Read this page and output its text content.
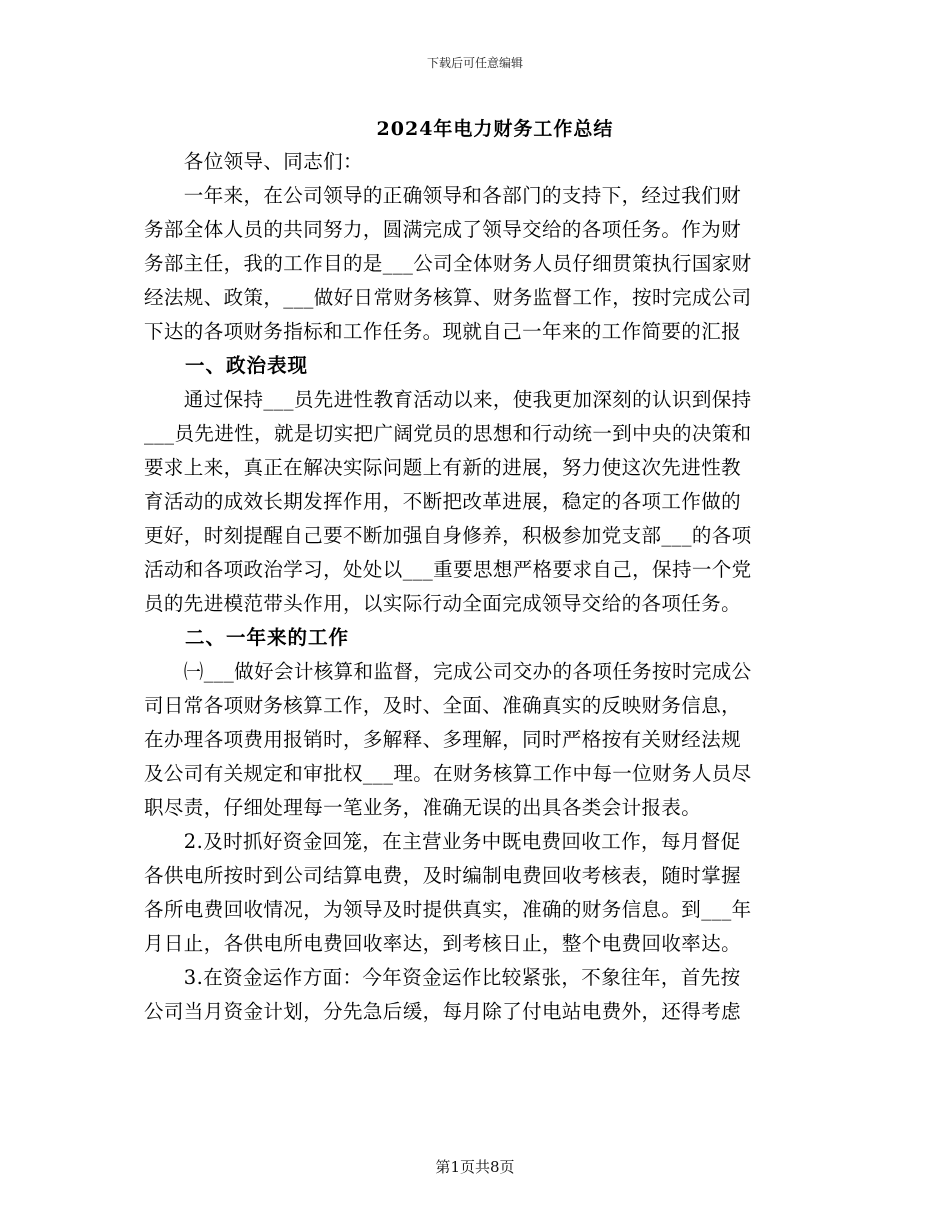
下载后可任意编辑
2024年电力财务工作总结
　　各位领导、同志们：
　　一年来，在公司领导的正确领导和各部门的支持下，经过我们财
务部全体人员的共同努力，圆满完成了领导交给的各项任务。作为财
务部主任，我的工作目的是___公司全体财务人员仔细贯策执行国家财
经法规、政策，___做好日常财务核算、财务监督工作，按时完成公司
下达的各项财务指标和工作任务。现就自己一年来的工作简要的汇报
　　一、政治表现
　　通过保持___员先进性教育活动以来，使我更加深刻的认识到保持
___员先进性，就是切实把广阔党员的思想和行动统一到中央的决策和
要求上来，真正在解决实际问题上有新的进展，努力使这次先进性教
育活动的成效长期发挥作用，不断把改革进展，稳定的各项工作做的
更好，时刻提醒自己要不断加强自身修养，积极参加党支部___的各项
活动和各项政治学习，处处以___重要思想严格要求自己，保持一个党
员的先进模范带头作用，以实际行动全面完成领导交给的各项任务。
　　二、一年来的工作
　　㈠___做好会计核算和监督，完成公司交办的各项任务按时完成公
司日常各项财务核算工作，及时、全面、准确真实的反映财务信息，
在办理各项费用报销时，多解释、多理解，同时严格按有关财经法规
及公司有关规定和审批权___理。在财务核算工作中每一位财务人员尽
职尽责，仔细处理每一笔业务，准确无误的出具各类会计报表。
　　2.及时抓好资金回笼，在主营业务中既电费回收工作，每月督促
各供电所按时到公司结算电费，及时编制电费回收考核表，随时掌握
各所电费回收情况，为领导及时提供真实，准确的财务信息。到___年
月日止，各供电所电费回收率达，到考核日止，整个电费回收率达。
　　3.在资金运作方面：今年资金运作比较紧张，不象往年，首先按
公司当月资金计划，分先急后缓，每月除了付电站电费外，还得考虑
第1页共8页
